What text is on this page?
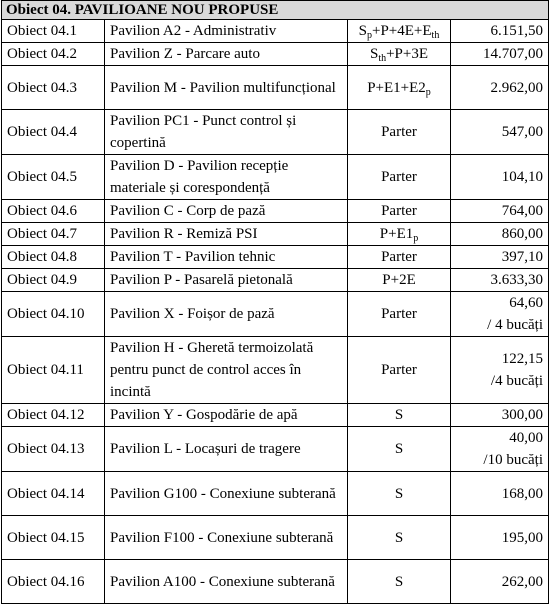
Obiect 04. PAVILIOANE NOU PROPUSE			
Obiect 04.1	Pavilion A2 - Administrativ	$S_p+P+4E+E_{th}$	6.151,50

Obiect 04.2	Pavilion Z - Parcare auto	$S_{th}+P+3E$	14.707,00

Obiect 04.3	Pavilion M - Pavilion multifuncțional	$P+E1+E2_p$	2.962,00

Obiect 04.4	Pavilion PC1 - Punct control și copertină	Parter	547,00

Obiect 04.5	Pavilion D - Pavilion recepție materiale și corespondență	Parter	104,10

Obiect 04.6	Pavilion C - Corp de pază	Parter	764,00

Obiect 04.7	Pavilion R - Remiză PSI	$P+E1_p$	860,00

Obiect 04.8	Pavilion T - Pavilion tehnic	Parter	397,10

Obiect 04.9	Pavilion P - Pasarelă pietonală	P+2E	3.633,30

Obiect 04.10	Pavilion X - Foișor de pază	Parter	64,60
/ 4 bucăți

Obiect 04.11	Pavilion H - Gheretă termoizolată pentru punct de control acces în incintă	Parter	122,15
/4 bucăți

Obiect 04.12	Pavilion Y - Gospodărie de apă	S	300,00

Obiect 04.13	Pavilion L - Locașuri de tragere	S	40,00
/10 bucăți

Obiect 04.14	Pavilion G100 - Conexiune subterană	S	168,00

Obiect 04.15	Pavilion F100 - Conexiune subterană	S	195,00

Obiect 04.16	Pavilion A100 - Conexiune subterană	S	262,00
